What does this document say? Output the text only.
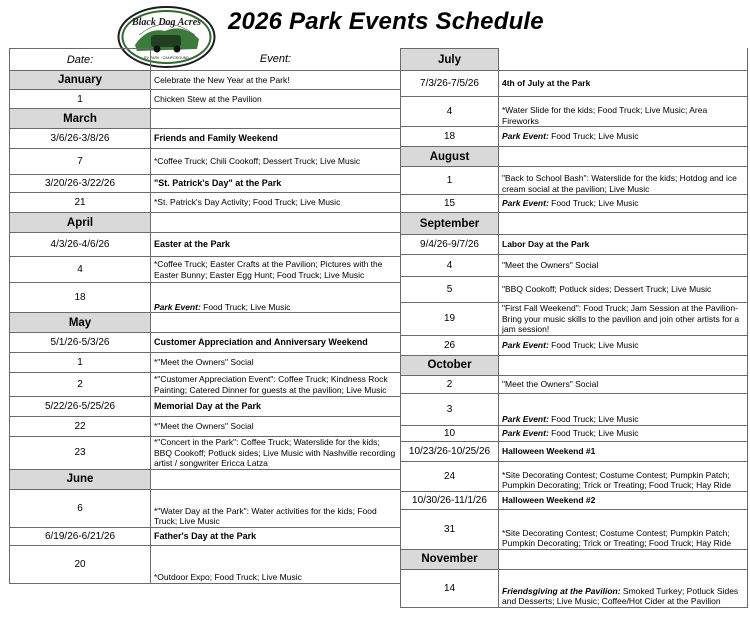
Black Dog Acres
RV PARK · CAMPGROUND
2026 Park Events Schedule
Date:	Event:
January	Celebrate the New Year at the Park!
1	Chicken Stew at the Pavilion
March	
3/6/26-3/8/26	Friends and Family Weekend
7	*Coffee Truck; Chili Cookoff; Dessert Truck; Live Music
3/20/26-3/22/26	"St. Patrick's Day" at the Park
21	*St. Patrick's Day Activity; Food Truck; Live Music
April	
4/3/26-4/6/26	Easter at the Park
4	*Coffee Truck; Easter Crafts at the Pavilion; Pictures with the Easter Bunny; Easter Egg Hunt; Food Truck; Live Music
18	Park Event: Food Truck; Live Music
May	
5/1/26-5/3/26	Customer Appreciation and Anniversary Weekend
1	*"Meet the Owners" Social
2	*"Customer Appreciation Event": Coffee Truck; Kindness Rock Painting; Catered Dinner for guests at the pavilion; Live Music
5/22/26-5/25/26	Memorial Day at the Park
22	*"Meet the Owners" Social
23	*"Concert in the Park": Coffee Truck; Waterslide for the kids; BBQ Cookoff; Potluck sides; Live Music with Nashville recording artist / songwriter Ericca Latza
June	
6	*"Water Day at the Park": Water activities for the kids; Food Truck; Live Music
6/19/26-6/21/26	Father's Day at the Park
20	*Outdoor Expo; Food Truck; Live Music
July	
7/3/26-7/5/26	4th of July at the Park
4	*Water Slide for the kids; Food Truck; Live Music; Area Fireworks
18	Park Event: Food Truck; Live Music
August	
1	"Back to School Bash": Waterslide for the kids; Hotdog and ice cream social at the pavilion; Live Music
15	Park Event: Food Truck; Live Music
September	
9/4/26-9/7/26	Labor Day at the Park
4	"Meet the Owners" Social
5	"BBQ Cookoff; Potluck sides; Dessert Truck; Live Music
19	"First Fall Weekend": Food Truck; Jam Session at the Pavilion-Bring your music skills to the pavilion and join other artists for a jam session!
26	Park Event: Food Truck; Live Music
October	
2	"Meet the Owners" Social
3	Park Event: Food Truck; Live Music
10	Park Event: Food Truck; Live Music
10/23/26-10/25/26	Halloween Weekend #1
24	*Site Decorating Contest; Costume Contest; Pumpkin Patch; Pumpkin Decorating; Trick or Treating; Food Truck; Hay Ride
10/30/26-11/1/26	Halloween Weekend #2
31	*Site Decorating Contest; Costume Contest; Pumpkin Patch; Pumpkin Decorating; Trick or Treating; Food Truck; Hay Ride
November	
14	Friendsgiving at the Pavilion: Smoked Turkey; Potluck Sides and Desserts; Live Music; Coffee/Hot Cider at the Pavilion
